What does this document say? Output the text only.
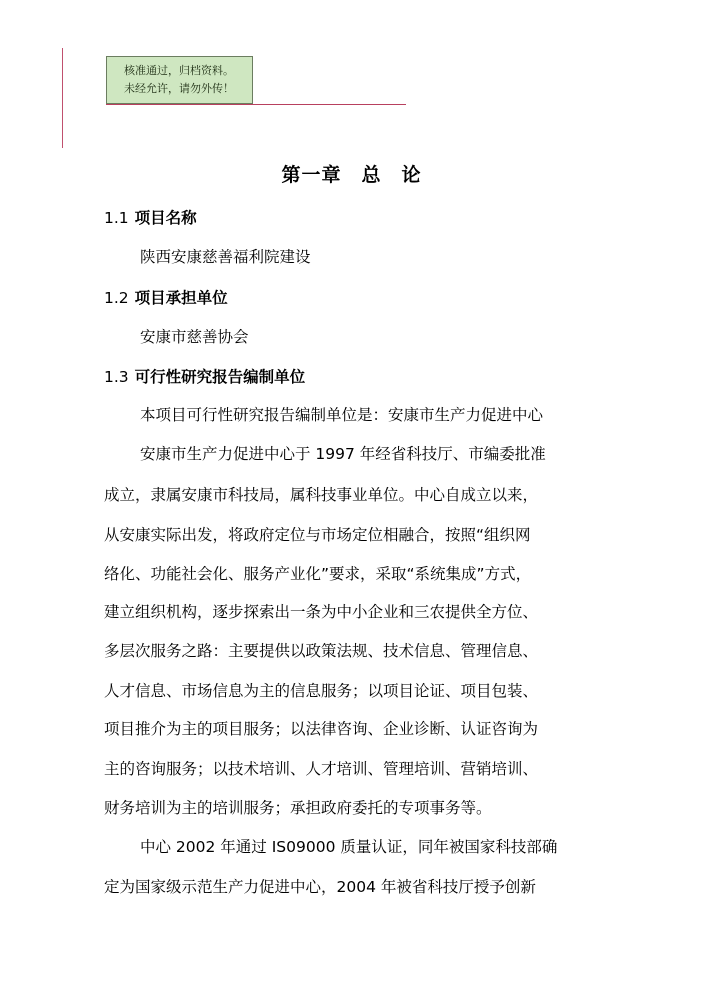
核准通过，归档资料。
未经允许，请勿外传！
第一章　总　论
1.1 项目名称
陕西安康慈善福利院建设
1.2 项目承担单位
安康市慈善协会
1.3 可行性研究报告编制单位
本项目可行性研究报告编制单位是：安康市生产力促进中心
安康市生产力促进中心于 1997 年经省科技厅、市编委批准
成立，隶属安康市科技局，属科技事业单位。中心自成立以来，
从安康实际出发，将政府定位与市场定位相融合，按照“组织网
络化、功能社会化、服务产业化”要求，采取“系统集成”方式，
建立组织机构，逐步探索出一条为中小企业和三农提供全方位、
多层次服务之路：主要提供以政策法规、技术信息、管理信息、
人才信息、市场信息为主的信息服务；以项目论证、项目包装、
项目推介为主的项目服务；以法律咨询、企业诊断、认证咨询为
主的咨询服务；以技术培训、人才培训、管理培训、营销培训、
财务培训为主的培训服务；承担政府委托的专项事务等。
中心 2002 年通过 IS09000 质量认证，同年被国家科技部确
定为国家级示范生产力促进中心，2004 年被省科技厅授予创新
